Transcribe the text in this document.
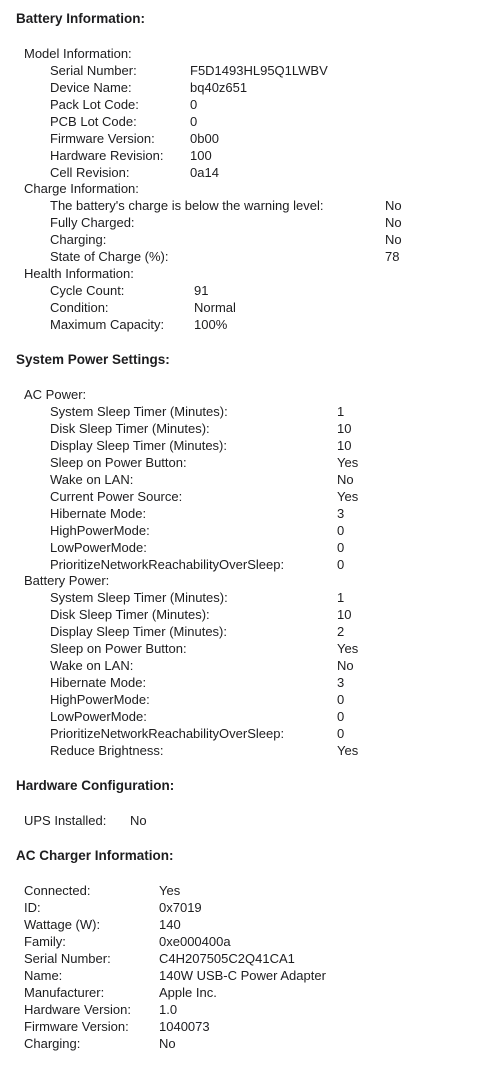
Battery Information:
Model Information:
Serial Number:	F5D1493HL95Q1LWBV
Device Name:	bq40z651
Pack Lot Code:	0
PCB Lot Code:	0
Firmware Version:	0b00
Hardware Revision: 100
Cell Revision:	0a14
Charge Information:
The battery's charge is below the warning level:	No
Fully Charged:	No
Charging:	No
State of Charge (%):	78
Health Information:
Cycle Count:	91
Condition:	Normal
Maximum Capacity: 100%
System Power Settings:
AC Power:
System Sleep Timer (Minutes):	1
Disk Sleep Timer (Minutes):	10
Display Sleep Timer (Minutes):	10
Sleep on Power Button:	Yes
Wake on LAN:	No
Current Power Source:	Yes
Hibernate Mode:	3
HighPowerMode:	0
LowPowerMode:	0
PrioritizeNetworkReachabilityOverSleep:	0
Battery Power:
System Sleep Timer (Minutes):	1
Disk Sleep Timer (Minutes):	10
Display Sleep Timer (Minutes):	2
Sleep on Power Button:	Yes
Wake on LAN:	No
Hibernate Mode:	3
HighPowerMode:	0
LowPowerMode:	0
PrioritizeNetworkReachabilityOverSleep:	0
Reduce Brightness:	Yes
Hardware Configuration:
UPS Installed: No
AC Charger Information:
Connected:	Yes
ID:	0x7019
Wattage (W):	140
Family:	0xe000400a
Serial Number:	C4H207505C2Q41CA1
Name:	140W USB-C Power Adapter
Manufacturer:	Apple Inc.
Hardware Version: 1.0
Firmware Version: 1040073
Charging:	No
